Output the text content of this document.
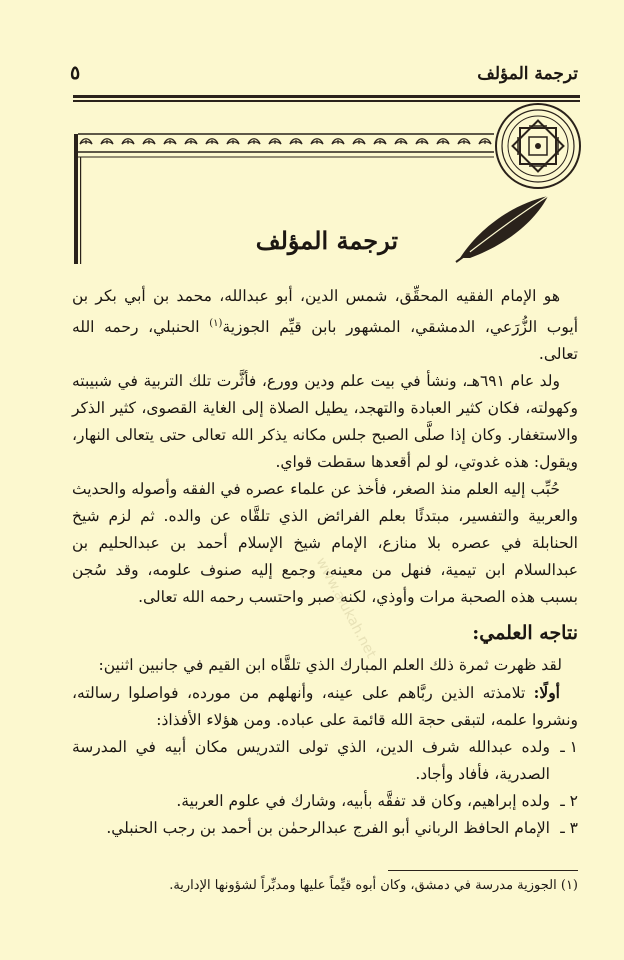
ترجمة المؤلف
٥
ترجمة المؤلف

هو الإمام الفقيه المحقِّق، شمس الدين، أبو عبدالله، محمد بن أبي بكر بن أيوب الزُّرَعي، الدمشقي، المشهور بابن قيِّم الجوزية$^{(١)}$ الحنبلي، رحمه الله تعالى.

ولد عام ٦٩١هـ، ونشأ في بيت علم ودين وورع، فأثَّرت تلك التربية في شبيبته وكهولته، فكان كثير العبادة والتهجد، يطيل الصلاة إلى الغاية القصوى، كثير الذكر والاستغفار. وكان إذا صلَّى الصبح جلس مكانه يذكر الله تعالى حتى يتعالى النهار، ويقول: هذه غدوتي، لو لم أقعدها سقطت قواي.

حُبِّب إليه العلم منذ الصغر، فأخذ عن علماء عصره في الفقه وأصوله والحديث والعربية والتفسير، مبتدئًا بعلم الفرائض الذي تلقَّاه عن والده. ثم لزم شيخ الحنابلة في عصره بلا منازع، الإمام شيخ الإسلام أحمد بن عبدالحليم بن عبدالسلام ابن تيمية، فنهل من معينه، وجمع إليه صنوف علومه، وقد سُجن بسبب هذه الصحبة مرات وأوذي، لكنه صبر واحتسب رحمه الله تعالى.

نتاجه العلمي:

لقد ظهرت ثمرة ذلك العلم المبارك الذي تلقَّاه ابن القيم في جانبين اثنين:

أولًا: تلامذته الذين ربَّاهم على عينه، وأنهلهم من مورده، فواصلوا رسالته، ونشروا علمه، لتبقى حجة الله قائمة على عباده. ومن هؤلاء الأفذاذ:

١ ـ
ولده عبدالله شرف الدين، الذي تولى التدريس مكان أبيه في المدرسة الصدرية، فأفاد وأجاد.
٢ ـ
ولده إبراهيم، وكان قد تفقَّه بأبيه، وشارك في علوم العربية.
٣ ـ
الإمام الحافظ الرباني أبو الفرج عبدالرحمٰن بن أحمد بن رجب الحنبلي.
www.alukah.net
(١) الجوزية مدرسة في دمشق، وكان أبوه قيِّماً عليها ومدبِّراً لشؤونها الإدارية.
